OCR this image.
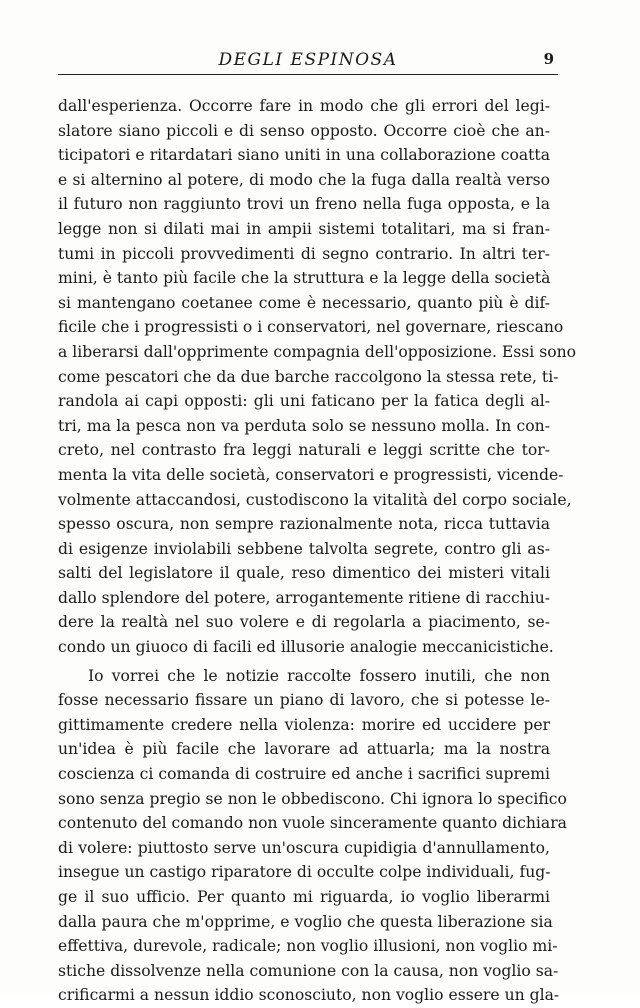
DEGLI ESPINOSA	9
dall'esperienza. Occorre fare in modo che gli errori del legi-
slatore siano piccoli e di senso opposto. Occorre cioè che an-
ticipatori e ritardatari siano uniti in una collaborazione coatta
e si alternino al potere, di modo che la fuga dalla realtà verso
il futuro non raggiunto trovi un freno nella fuga opposta, e la
legge non si dilati mai in ampii sistemi totalitari, ma si fran-
tumi in piccoli provvedimenti di segno contrario. In altri ter-
mini, è tanto più facile che la struttura e la legge della società
si mantengano coetanee come è necessario, quanto più è dif-
ficile che i progressisti o i conservatori, nel governare, riescano
a liberarsi dall'opprimente compagnia dell'opposizione. Essi sono
come pescatori che da due barche raccolgono la stessa rete, ti-
randola ai capi opposti: gli uni faticano per la fatica degli al-
tri, ma la pesca non va perduta solo se nessuno molla. In con-
creto, nel contrasto fra leggi naturali e leggi scritte che tor-
menta la vita delle società, conservatori e progressisti, vicende-
volmente attaccandosi, custodiscono la vitalità del corpo sociale,
spesso oscura, non sempre razionalmente nota, ricca tuttavia
di esigenze inviolabili sebbene talvolta segrete, contro gli as-
salti del legislatore il quale, reso dimentico dei misteri vitali
dallo splendore del potere, arrogantemente ritiene di racchiu-
dere la realtà nel suo volere e di regolarla a piacimento, se-
condo un giuoco di facili ed illusorie analogie meccanicistiche.
Io vorrei che le notizie raccolte fossero inutili, che non
fosse necessario fissare un piano di lavoro, che si potesse le-
gittimamente credere nella violenza: morire ed uccidere per
un'idea è più facile che lavorare ad attuarla; ma la nostra
coscienza ci comanda di costruire ed anche i sacrifici supremi
sono senza pregio se non le obbediscono. Chi ignora lo specifico
contenuto del comando non vuole sinceramente quanto dichiara
di volere: piuttosto serve un'oscura cupidigia d'annullamento,
insegue un castigo riparatore di occulte colpe individuali, fug-
ge il suo ufficio. Per quanto mi riguarda, io voglio liberarmi
dalla paura che m'opprime, e voglio che questa liberazione sia
effettiva, durevole, radicale; non voglio illusioni, non voglio mi-
stiche dissolvenze nella comunione con la causa, non voglio sa-
crificarmi a nessun iddio sconosciuto, non voglio essere un gla-
